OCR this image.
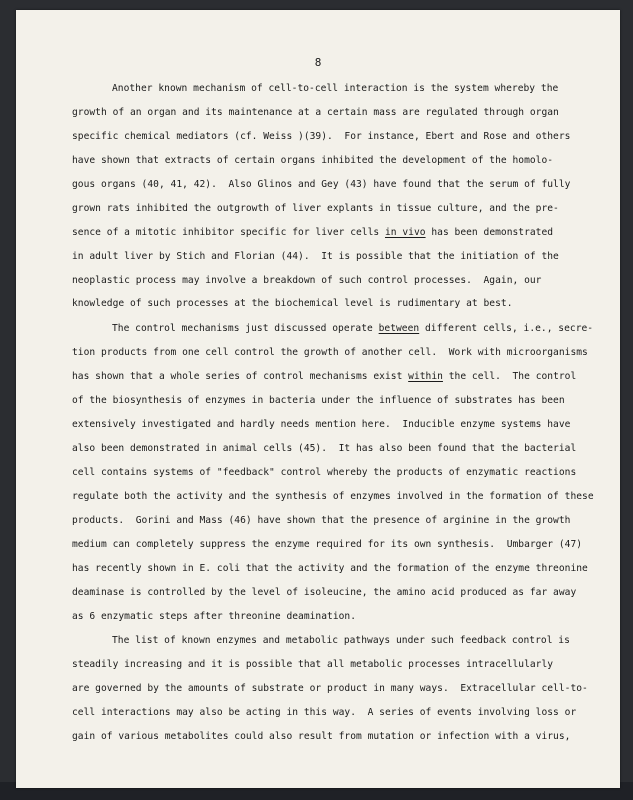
8
Another known mechanism of cell-to-cell interaction is the system whereby the
growth of an organ and its maintenance at a certain mass are regulated through organ
specific chemical mediators (cf. Weiss )(39).  For instance, Ebert and Rose and others
have shown that extracts of certain organs inhibited the development of the homolo-
gous organs (40, 41, 42).  Also Glinos and Gey (43) have found that the serum of fully
grown rats inhibited the outgrowth of liver explants in tissue culture, and the pre-
sence of a mitotic inhibitor specific for liver cells in vivo has been demonstrated
in adult liver by Stich and Florian (44).  It is possible that the initiation of the
neoplastic process may involve a breakdown of such control processes.  Again, our
knowledge of such processes at the biochemical level is rudimentary at best.
The control mechanisms just discussed operate between different cells, i.e., secre-
tion products from one cell control the growth of another cell.  Work with microorganisms
has shown that a whole series of control mechanisms exist within the cell.  The control
of the biosynthesis of enzymes in bacteria under the influence of substrates has been
extensively investigated and hardly needs mention here.  Inducible enzyme systems have
also been demonstrated in animal cells (45).  It has also been found that the bacterial
cell contains systems of "feedback" control whereby the products of enzymatic reactions
regulate both the activity and the synthesis of enzymes involved in the formation of these
products.  Gorini and Mass (46) have shown that the presence of arginine in the growth
medium can completely suppress the enzyme required for its own synthesis.  Umbarger (47)
has recently shown in E. coli that the activity and the formation of the enzyme threonine
deaminase is controlled by the level of isoleucine, the amino acid produced as far away
as 6 enzymatic steps after threonine deamination.
The list of known enzymes and metabolic pathways under such feedback control is
steadily increasing and it is possible that all metabolic processes intracellularly
are governed by the amounts of substrate or product in many ways.  Extracellular cell-to-
cell interactions may also be acting in this way.  A series of events involving loss or
gain of various metabolites could also result from mutation or infection with a virus,
